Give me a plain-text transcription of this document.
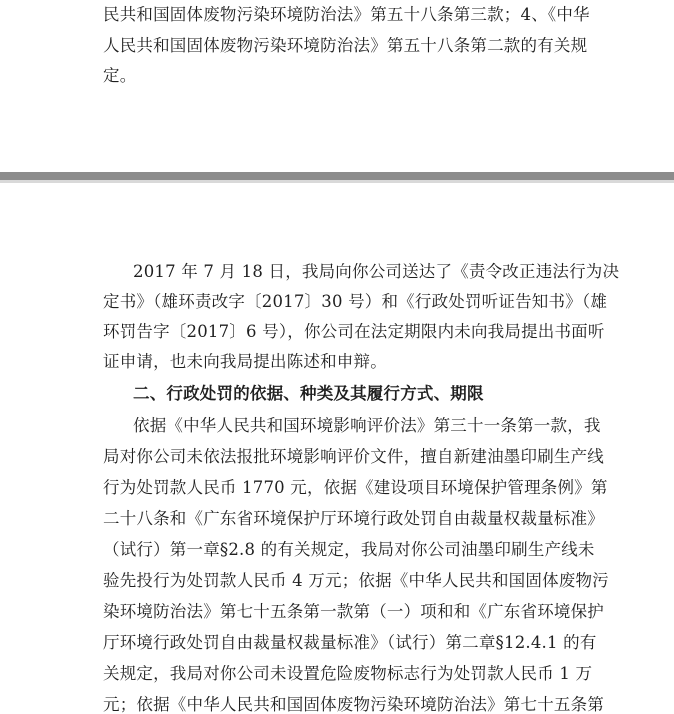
民共和国固体废物污染环境防治法》第五十八条第三款；4、《中华
人民共和国固体废物污染环境防治法》第五十八条第二款的有关规
定。
2017 年 7 月 18 日，我局向你公司送达了《责令改正违法行为决
定书》（雄环责改字〔2017〕30 号）和《行政处罚听证告知书》（雄
环罚告字〔2017〕6 号），你公司在法定期限内未向我局提出书面听
证申请，也未向我局提出陈述和申辩。
二、行政处罚的依据、种类及其履行方式、期限
依据《中华人民共和国环境影响评价法》第三十一条第一款，我
局对你公司未依法报批环境影响评价文件，擅自新建油墨印刷生产线
行为处罚款人民币 1770 元，依据《建设项目环境保护管理条例》第
二十八条和《广东省环境保护厅环境行政处罚自由裁量权裁量标准》
（试行）第一章§2.8 的有关规定，我局对你公司油墨印刷生产线未
验先投行为处罚款人民币 4 万元；依据《中华人民共和国固体废物污
染环境防治法》第七十五条第一款第（一）项和和《广东省环境保护
厅环境行政处罚自由裁量权裁量标准》（试行）第二章§12.4.1 的有
关规定，我局对你公司未设置危险废物标志行为处罚款人民币 1 万
元；依据《中华人民共和国固体废物污染环境防治法》第七十五条第
